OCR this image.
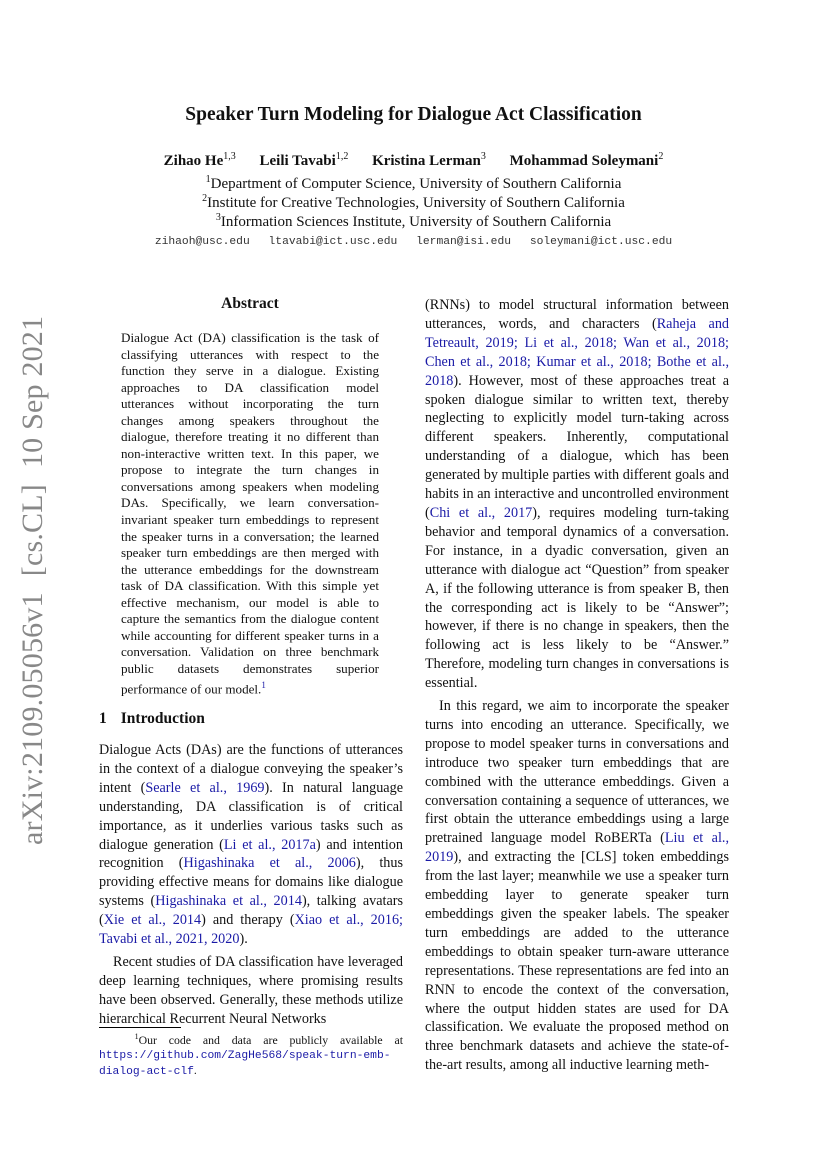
arXiv:2109.05056v1[cs.CL]10 Sep 2021
Speaker Turn Modeling for Dialogue Act Classification
Zihao He$^{1,3}$ Leili Tavabi$^{1,2}$ Kristina Lerman$^3$ Mohammad Soleymani$^2$
$^1$Department of Computer Science, University of Southern California
$^2$Institute for Creative Technologies, University of Southern California
$^3$Information Sciences Institute, University of Southern California
zihaoh@usc.edu ltavabi@ict.usc.edu lerman@isi.edu soleymani@ict.usc.edu
Abstract
Dialogue Act (DA) classification is the task of classifying utterances with respect to the function they serve in a dialogue. Existing approaches to DA classification model utterances without incorporating the turn changes among speakers throughout the dialogue, therefore treating it no different than non-interactive written text. In this paper, we propose to integrate the turn changes in conversations among speakers when modeling DAs. Specifically, we learn conversation-invariant speaker turn embeddings to represent the speaker turns in a conversation; the learned speaker turn embeddings are then merged with the utterance embeddings for the downstream task of DA classification. With this simple yet effective mechanism, our model is able to capture the semantics from the dialogue content while accounting for different speaker turns in a conversation. Validation on three benchmark public datasets demonstrates superior performance of our model.$^1$
1 Introduction

Dialogue Acts (DAs) are the functions of utterances in the context of a dialogue conveying the speaker’s intent (Searle et al., 1969). In natural language understanding, DA classification is of critical importance, as it underlies various tasks such as dialogue generation (Li et al., 2017a) and intention recognition (Higashinaka et al., 2006), thus providing effective means for domains like dialogue systems (Higashinaka et al., 2014), talking avatars (Xie et al., 2014) and therapy (Xiao et al., 2016; Tavabi et al., 2021, 2020).

Recent studies of DA classification have leveraged deep learning techniques, where promising results have been observed. Generally, these methods utilize hierarchical Recurrent Neural Networks

(RNNs) to model structural information between utterances, words, and characters (Raheja and Tetreault, 2019; Li et al., 2018; Wan et al., 2018; Chen et al., 2018; Kumar et al., 2018; Bothe et al., 2018). However, most of these approaches treat a spoken dialogue similar to written text, thereby neglecting to explicitly model turn-taking across different speakers. Inherently, computational understanding of a dialogue, which has been generated by multiple parties with different goals and habits in an interactive and uncontrolled environment (Chi et al., 2017), requires modeling turn-taking behavior and temporal dynamics of a conversation. For instance, in a dyadic conversation, given an utterance with dialogue act “Question” from speaker A, if the following utterance is from speaker B, then the corresponding act is likely to be “Answer”; however, if there is no change in speakers, then the following act is less likely to be “Answer.” Therefore, modeling turn changes in conversations is essential.

In this regard, we aim to incorporate the speaker turns into encoding an utterance. Specifically, we propose to model speaker turns in conversations and introduce two speaker turn embeddings that are combined with the utterance embeddings. Given a conversation containing a sequence of utterances, we first obtain the utterance embeddings using a large pretrained language model RoBERTa (Liu et al., 2019), and extracting the [CLS] token embeddings from the last layer; meanwhile we use a speaker turn embedding layer to generate speaker turn embeddings given the speaker labels. The speaker turn embeddings are added to the utterance embeddings to obtain speaker turn-aware utterance representations. These representations are fed into an RNN to encode the context of the conversation, where the output hidden states are used for DA classification. We evaluate the proposed method on three benchmark datasets and achieve the state-of-the-art results, among all inductive learning meth-

$^1$Our code and data are publicly available at https://github.com/ZagHe568/speak-turn-emb-dialog-act-clf.
